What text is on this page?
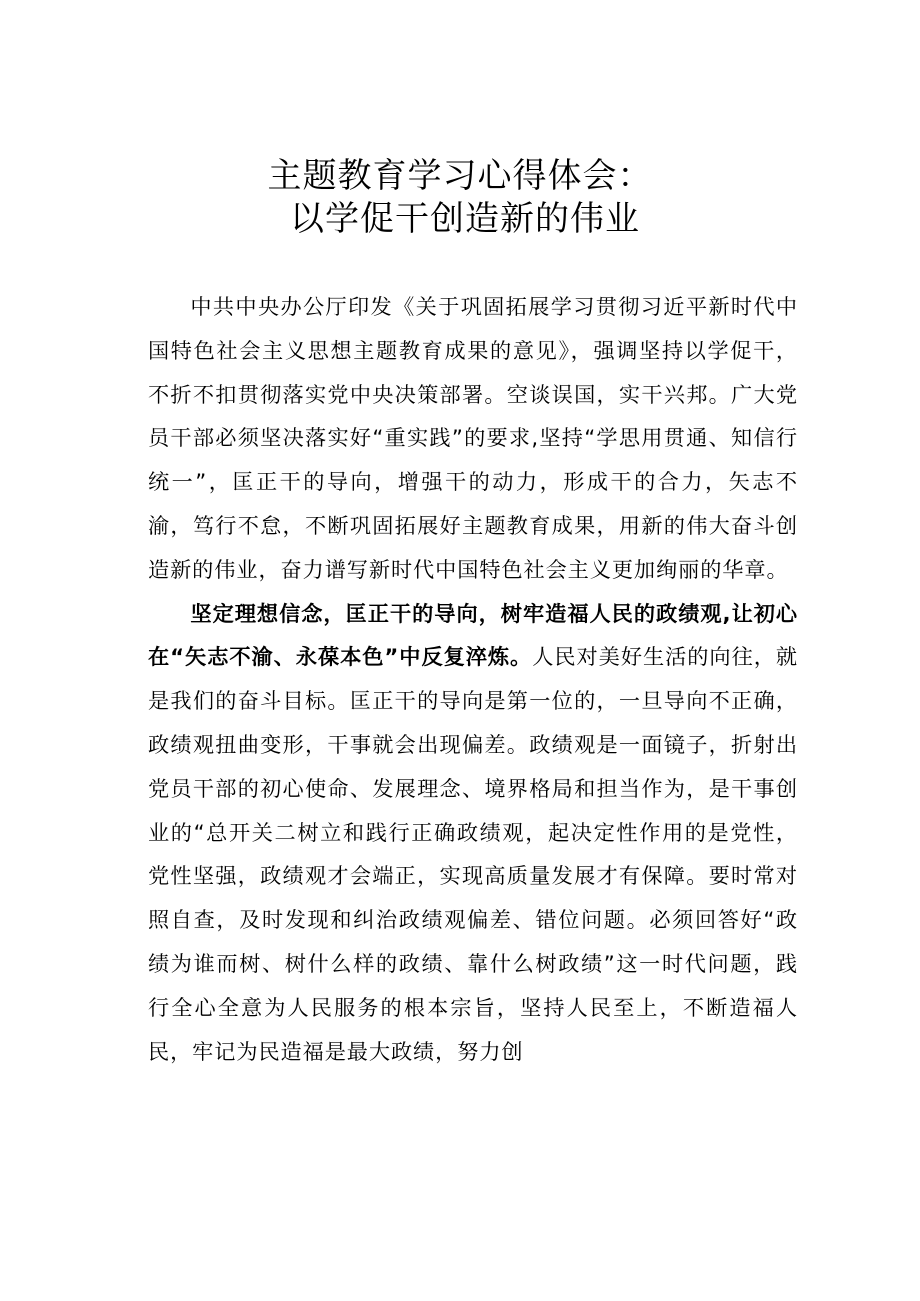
主题教育学习心得体会：
以学促干创造新的伟业

中共中央办公厅印发《关于巩固拓展学习贯彻习近平新时代中国特色社会主义思想主题教育成果的意见》，强调坚持以学促干，不折不扣贯彻落实党中央决策部署。空谈误国，实干兴邦。广大党员干部必须坚决落实好“重实践”的要求,坚持“学思用贯通、知信行统一”，匡正干的导向，增强干的动力，形成干的合力，矢志不渝，笃行不怠，不断巩固拓展好主题教育成果，用新的伟大奋斗创造新的伟业，奋力谱写新时代中国特色社会主义更加绚丽的华章。

坚定理想信念，匡正干的导向，树牢造福人民的政绩观,让初心在“矢志不渝、永葆本色”中反复淬炼。人民对美好生活的向往，就是我们的奋斗目标。匡正干的导向是第一位的，一旦导向不正确，政绩观扭曲变形，干事就会出现偏差。政绩观是一面镜子，折射出党员干部的初心使命、发展理念、境界格局和担当作为，是干事创业的“总开关二树立和践行正确政绩观，起决定性作用的是党性，党性坚强，政绩观才会端正，实现高质量发展才有保障。要时常对照自查，及时发现和纠治政绩观偏差、错位问题。必须回答好“政绩为谁而树、树什么样的政绩、靠什么树政绩”这一时代问题，践行全心全意为人民服务的根本宗旨，坚持人民至上，不断造福人民，牢记为民造福是最大政绩，努力创
